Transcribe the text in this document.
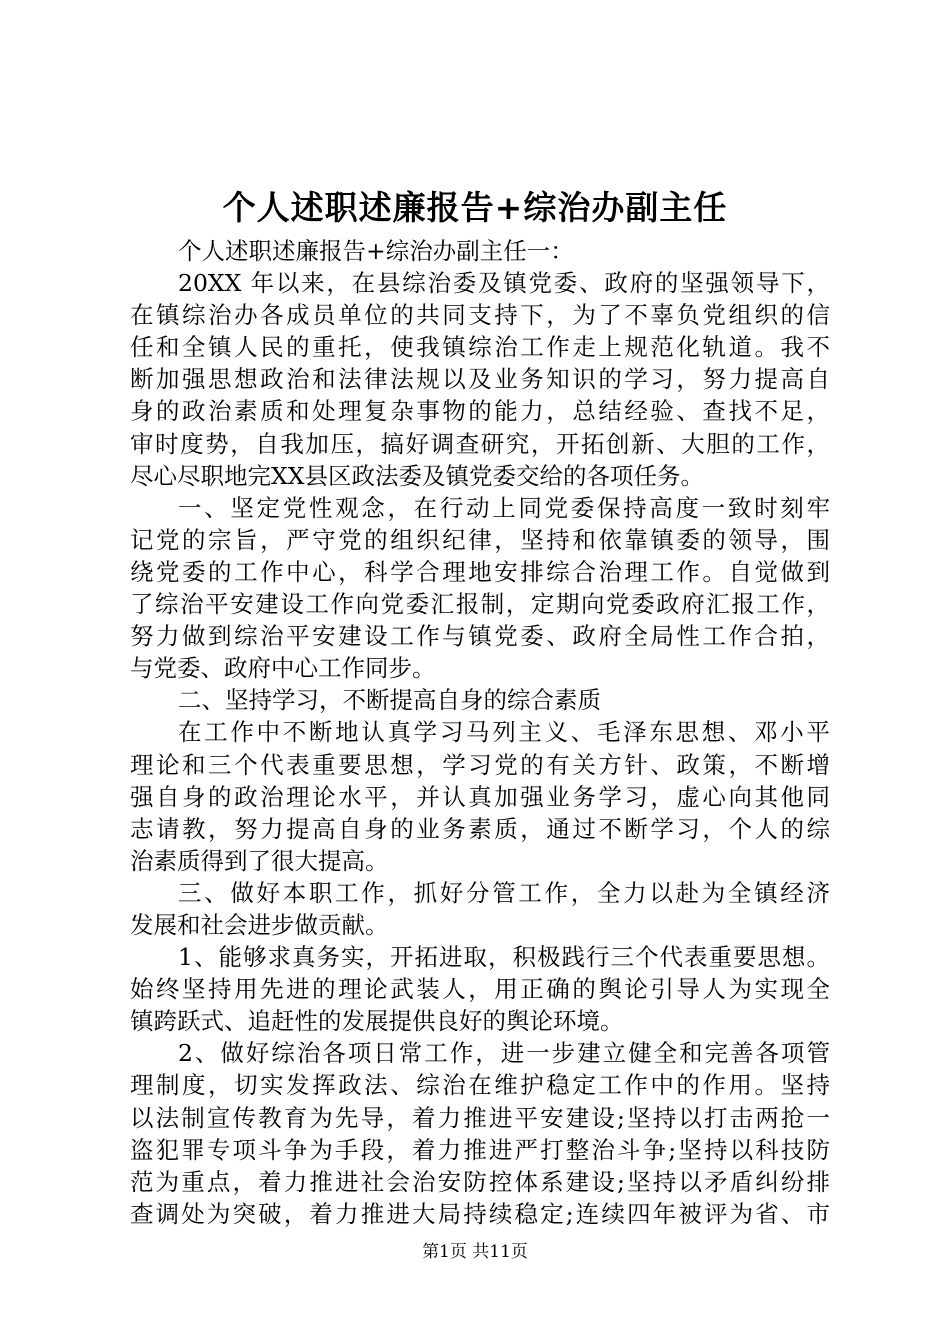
个人述职述廉报告+综治办副主任
个人述职述廉报告+综治办副主任一：
20XX 年以来，在县综治委及镇党委、政府的坚强领导下，
在镇综治办各成员单位的共同支持下，为了不辜负党组织的信
任和全镇人民的重托，使我镇综治工作走上规范化轨道。我不
断加强思想政治和法律法规以及业务知识的学习，努力提高自
身的政治素质和处理复杂事物的能力，总结经验、查找不足，
审时度势，自我加压，搞好调查研究，开拓创新、大胆的工作，
尽心尽职地完XX县区政法委及镇党委交给的各项任务。
一、坚定党性观念，在行动上同党委保持高度一致时刻牢
记党的宗旨，严守党的组织纪律，坚持和依靠镇委的领导，围
绕党委的工作中心，科学合理地安排综合治理工作。自觉做到
了综治平安建设工作向党委汇报制，定期向党委政府汇报工作，
努力做到综治平安建设工作与镇党委、政府全局性工作合拍，
与党委、政府中心工作同步。
二、坚持学习，不断提高自身的综合素质
在工作中不断地认真学习马列主义、毛泽东思想、邓小平
理论和三个代表重要思想，学习党的有关方针、政策，不断增
强自身的政治理论水平，并认真加强业务学习，虚心向其他同
志请教，努力提高自身的业务素质，通过不断学习，个人的综
治素质得到了很大提高。
三、做好本职工作，抓好分管工作，全力以赴为全镇经济
发展和社会进步做贡献。
1、能够求真务实，开拓进取，积极践行三个代表重要思想。
始终坚持用先进的理论武装人，用正确的舆论引导人为实现全
镇跨跃式、追赶性的发展提供良好的舆论环境。
2、做好综治各项日常工作，进一步建立健全和完善各项管
理制度，切实发挥政法、综治在维护稳定工作中的作用。坚持
以法制宣传教育为先导，着力推进平安建设;坚持以打击两抢一
盗犯罪专项斗争为手段，着力推进严打整治斗争;坚持以科技防
范为重点，着力推进社会治安防控体系建设;坚持以矛盾纠纷排
查调处为突破，着力推进大局持续稳定;连续四年被评为省、市
第1页 共11页
